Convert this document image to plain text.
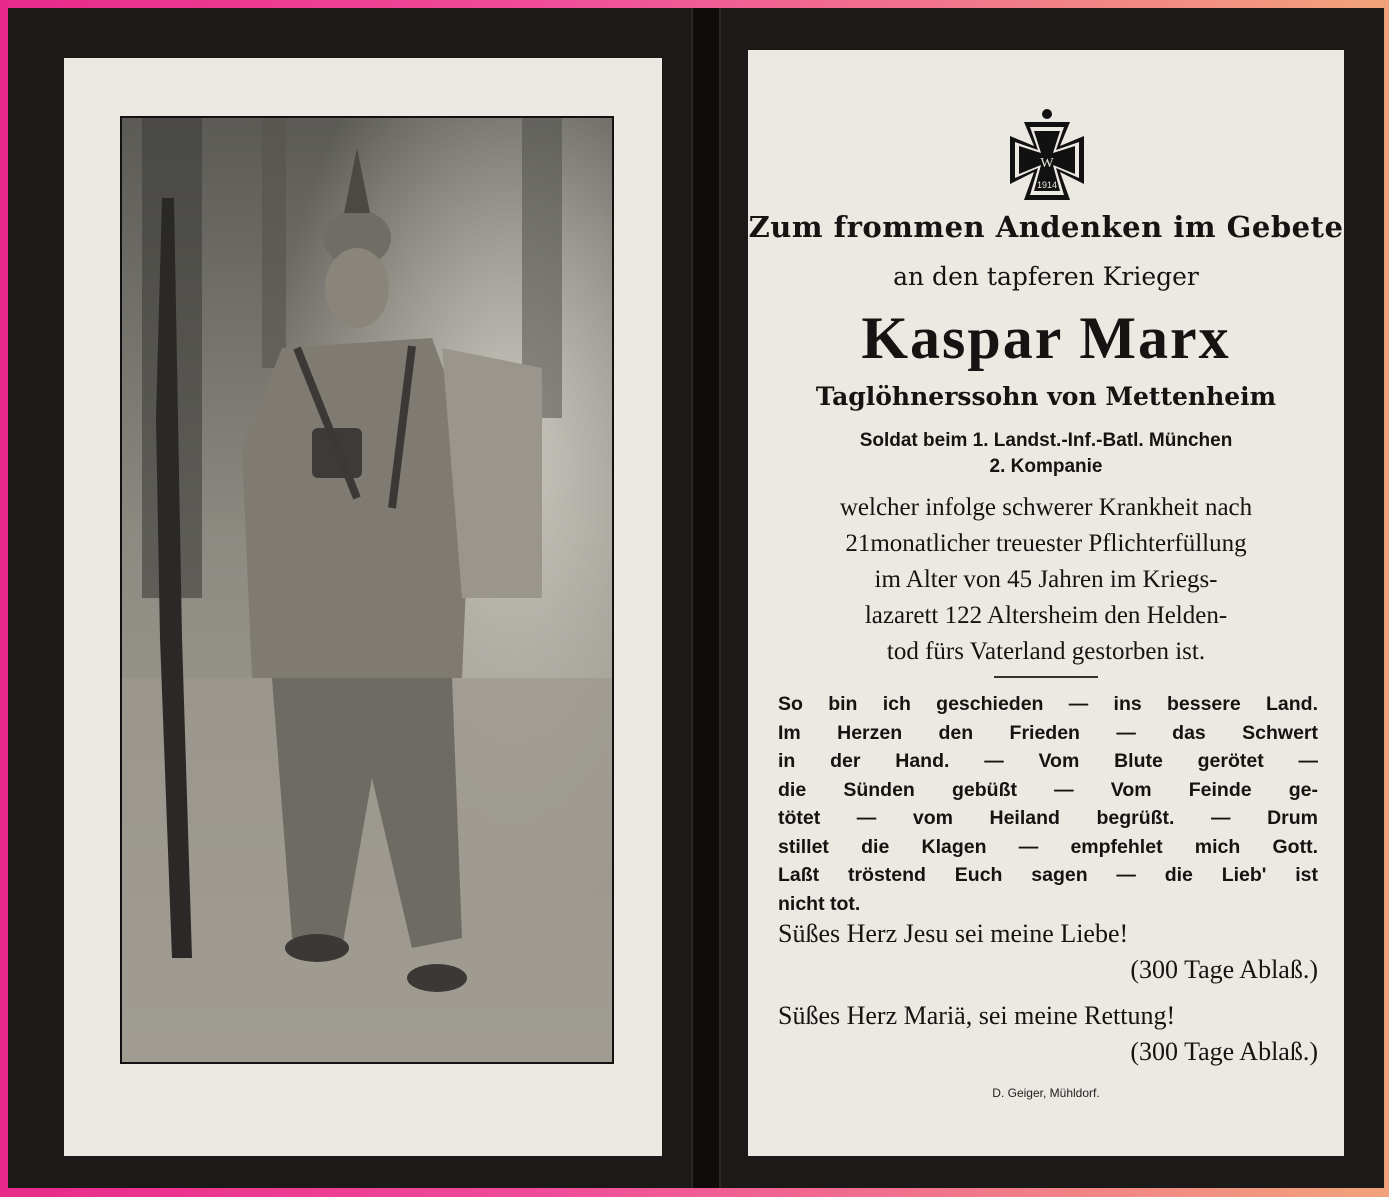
W
1914
Zum frommen Andenken im Gebete
an den tapferen Krieger
Kaspar Marx
Taglöhnerssohn von Mettenheim
Soldat beim 1. Landst.-Inf.-Batl. München
2. Kompanie
welcher infolge schwerer Krankheit nach
21monatlicher treuester Pflichterfüllung
im Alter von 45 Jahren im Kriegs-
lazarett 122 Altersheim den Helden-
tod fürs Vaterland gestorben ist.
So bin ich geschieden — ins bessere Land.
Im Herzen den Frieden — das Schwert
in der Hand. — Vom Blute gerötet —
die Sünden gebüßt — Vom Feinde ge-
tötet — vom Heiland begrüßt. — Drum
stillet die Klagen — empfehlet mich Gott.
Laßt tröstend Euch sagen — die Lieb' ist
nicht tot.
Süßes Herz Jesu sei meine Liebe!
(300 Tage Ablaß.)
Süßes Herz Mariä, sei meine Rettung!
(300 Tage Ablaß.)
D. Geiger, Mühldorf.
